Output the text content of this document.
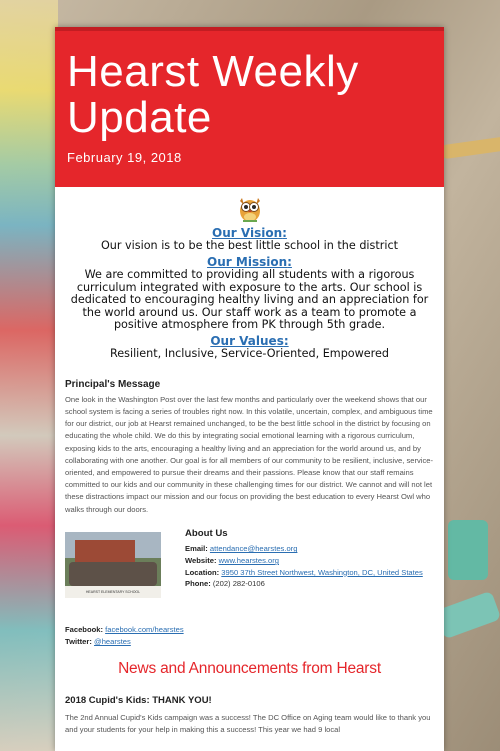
Hearst Weekly Update
February 19, 2018
Our Vision:
Our vision is to be the best little school in the district
Our Mission:
We are committed to providing all students with a rigorous curriculum integrated with exposure to the arts. Our school is dedicated to encouraging healthy living and an appreciation for the world around us. Our staff work as a team to promote a positive atmosphere from PK through 5th grade.
Our Values:
Resilient, Inclusive, Service-Oriented, Empowered
Principal's Message
One look in the Washington Post over the last few months and particularly over the weekend shows that our school system is facing a series of troubles right now. In this volatile, uncertain, complex, and ambiguous time for our district, our job at Hearst remained unchanged, to be the best little school in the district by focusing on educating the whole child. We do this by integrating social emotional learning with a rigorous curriculum, exposing kids to the arts, encouraging a healthy living and an appreciation for the world around us, and by collaborating with one another. Our goal is for all members of our community to be resilient, inclusive, service-oriented, and empowered to pursue their dreams and their passions. Please know that our staff remains committed to our kids and our community in these challenging times for our district. We cannot and will not let these distractions impact our mission and our focus on providing the best education to every Hearst Owl who walks through our doors.
HEARST ELEMENTARY SCHOOL
About Us
Email: attendance@hearstes.org
Website: www.hearstes.org
Location: 3950 37th Street Northwest, Washington, DC, United States
Phone: (202) 282-0106
Facebook: facebook.com/hearstes
Twitter: @hearstes
News and Announcements from Hearst
2018 Cupid's Kids: THANK YOU!
The 2nd Annual Cupid's Kids campaign was a success! The DC Office on Aging team would like to thank you and your students for your help in making this a success! This year we had 9 local
